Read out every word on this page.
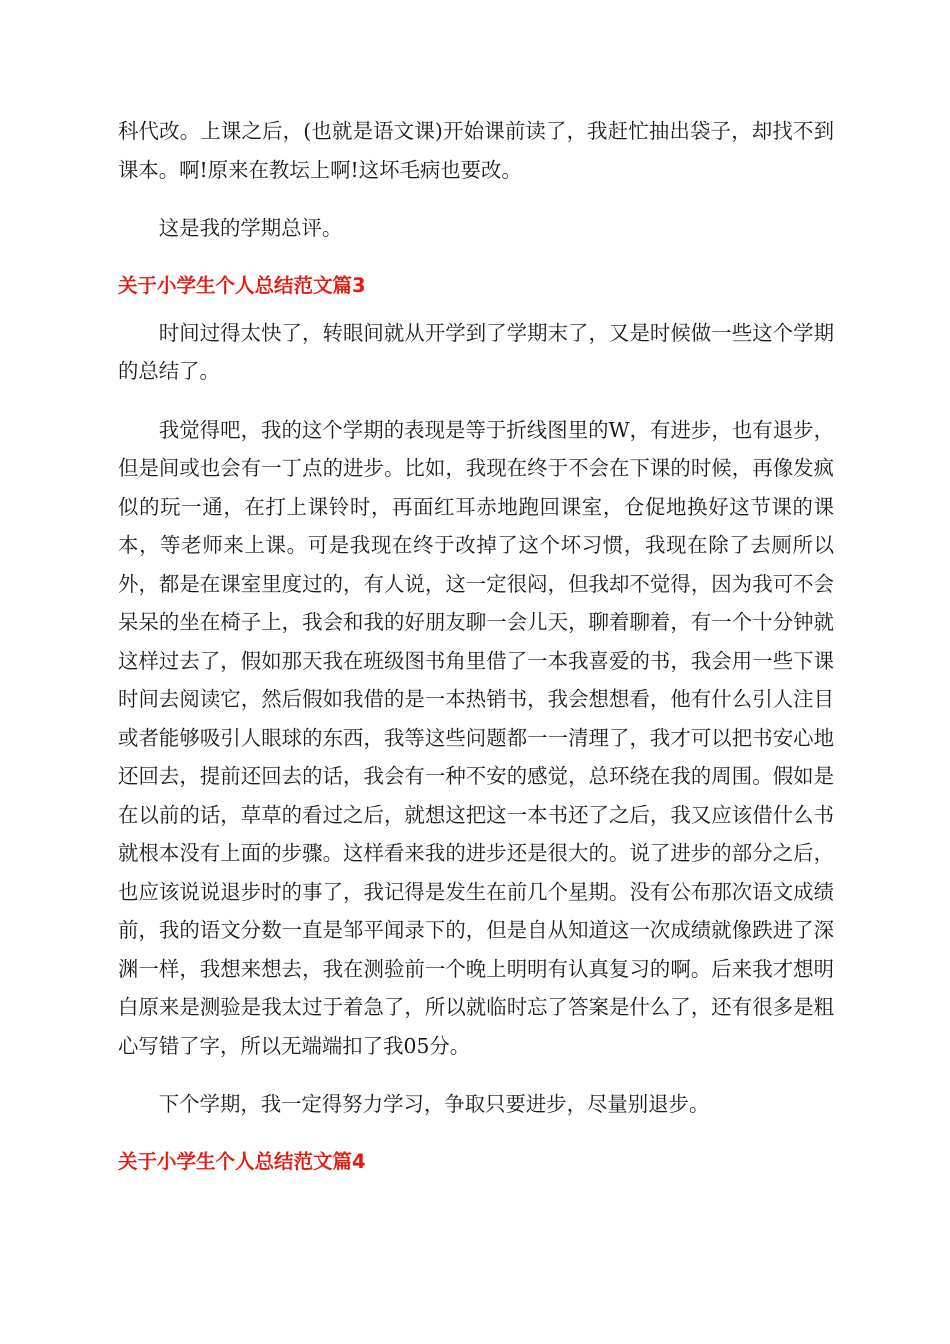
科代改。上课之后，(也就是语文课)开始课前读了，我赶忙抽出袋子，却找不到课本。啊!原来在教坛上啊!这坏毛病也要改。

这是我的学期总评。

关于小学生个人总结范文篇3

时间过得太快了，转眼间就从开学到了学期末了，又是时候做一些这个学期的总结了。

我觉得吧，我的这个学期的表现是等于折线图里的W，有进步，也有退步，但是间或也会有一丁点的进步。比如，我现在终于不会在下课的时候，再像发疯似的玩一通，在打上课铃时，再面红耳赤地跑回课室，仓促地换好这节课的课本，等老师来上课。可是我现在终于改掉了这个坏习惯，我现在除了去厕所以外，都是在课室里度过的，有人说，这一定很闷，但我却不觉得，因为我可不会呆呆的坐在椅子上，我会和我的好朋友聊一会儿天，聊着聊着，有一个十分钟就这样过去了，假如那天我在班级图书角里借了一本我喜爱的书，我会用一些下课时间去阅读它，然后假如我借的是一本热销书，我会想想看，他有什么引人注目或者能够吸引人眼球的东西，我等这些问题都一一清理了，我才可以把书安心地还回去，提前还回去的话，我会有一种不安的感觉，总环绕在我的周围。假如是在以前的话，草草的看过之后，就想这把这一本书还了之后，我又应该借什么书就根本没有上面的步骤。这样看来我的进步还是很大的。说了进步的部分之后，也应该说说退步时的事了，我记得是发生在前几个星期。没有公布那次语文成绩前，我的语文分数一直是邹平闻录下的，但是自从知道这一次成绩就像跌进了深渊一样，我想来想去，我在测验前一个晚上明明有认真复习的啊。后来我才想明白原来是测验是我太过于着急了，所以就临时忘了答案是什么了，还有很多是粗心写错了字，所以无端端扣了我05分。

下个学期，我一定得努力学习，争取只要进步，尽量别退步。

关于小学生个人总结范文篇4
